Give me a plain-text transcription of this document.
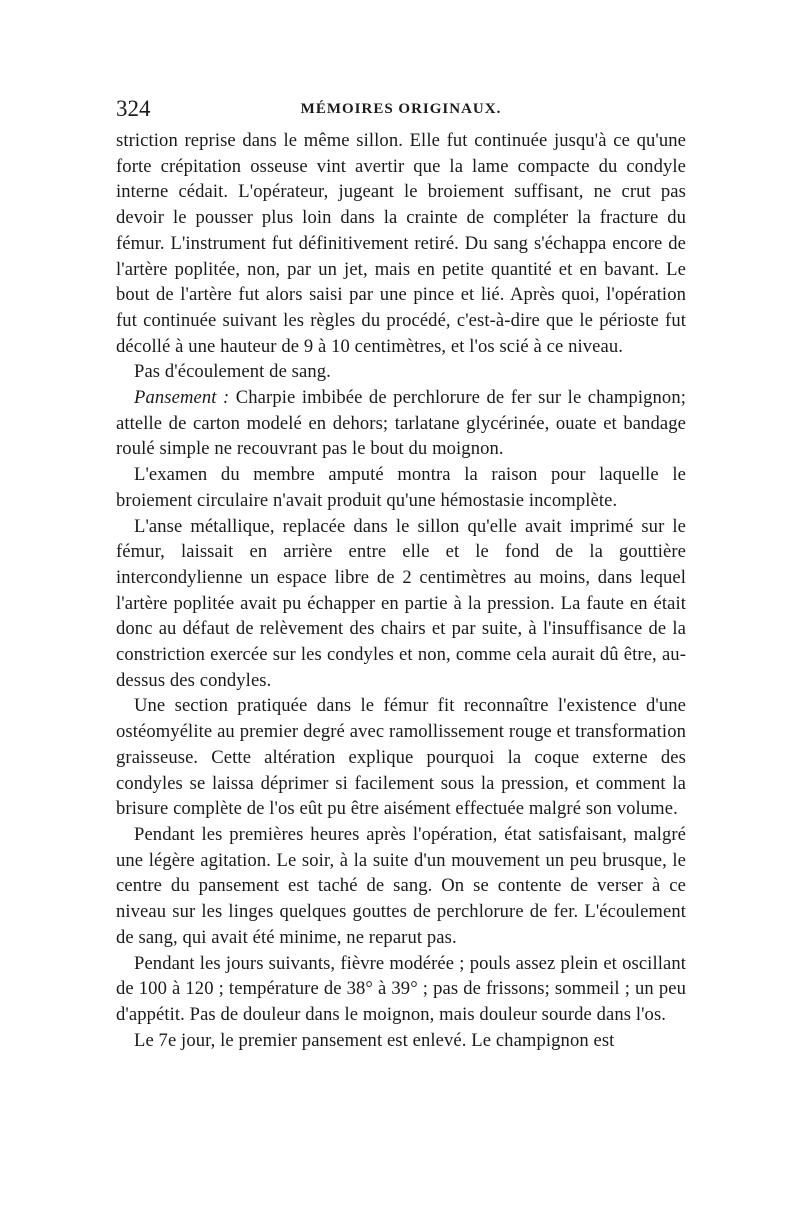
324	MÉMOIRES ORIGINAUX.

striction reprise dans le même sillon. Elle fut continuée jusqu'à ce qu'une forte crépitation osseuse vint avertir que la lame compacte du condyle interne cédait. L'opérateur, jugeant le broiement suffisant, ne crut pas devoir le pousser plus loin dans la crainte de compléter la fracture du fémur. L'instrument fut définitivement retiré. Du sang s'échappa encore de l'artère poplitée, non, par un jet, mais en petite quantité et en bavant. Le bout de l'artère fut alors saisi par une pince et lié. Après quoi, l'opération fut continuée suivant les règles du procédé, c'est-à-dire que le périoste fut décollé à une hauteur de 9 à 10 centimètres, et l'os scié à ce niveau.

Pas d'écoulement de sang.

Pansement : Charpie imbibée de perchlorure de fer sur le champignon; attelle de carton modelé en dehors; tarlatane glycérinée, ouate et bandage roulé simple ne recouvrant pas le bout du moignon.

L'examen du membre amputé montra la raison pour laquelle le broiement circulaire n'avait produit qu'une hémostasie incomplète.

L'anse métallique, replacée dans le sillon qu'elle avait imprimé sur le fémur, laissait en arrière entre elle et le fond de la gouttière intercondylienne un espace libre de 2 centimètres au moins, dans lequel l'artère poplitée avait pu échapper en partie à la pression. La faute en était donc au défaut de relèvement des chairs et par suite, à l'insuffisance de la constriction exercée sur les condyles et non, comme cela aurait dû être, au-dessus des condyles.

Une section pratiquée dans le fémur fit reconnaître l'existence d'une ostéomyélite au premier degré avec ramollissement rouge et transformation graisseuse. Cette altération explique pourquoi la coque externe des condyles se laissa déprimer si facilement sous la pression, et comment la brisure complète de l'os eût pu être aisément effectuée malgré son volume.

Pendant les premières heures après l'opération, état satisfaisant, malgré une légère agitation. Le soir, à la suite d'un mouvement un peu brusque, le centre du pansement est taché de sang. On se contente de verser à ce niveau sur les linges quelques gouttes de perchlorure de fer. L'écoulement de sang, qui avait été minime, ne reparut pas.

Pendant les jours suivants, fièvre modérée ; pouls assez plein et oscillant de 100 à 120 ; température de 38° à 39° ; pas de frissons; sommeil ; un peu d'appétit. Pas de douleur dans le moignon, mais douleur sourde dans l'os.

Le 7e jour, le premier pansement est enlevé. Le champignon est
